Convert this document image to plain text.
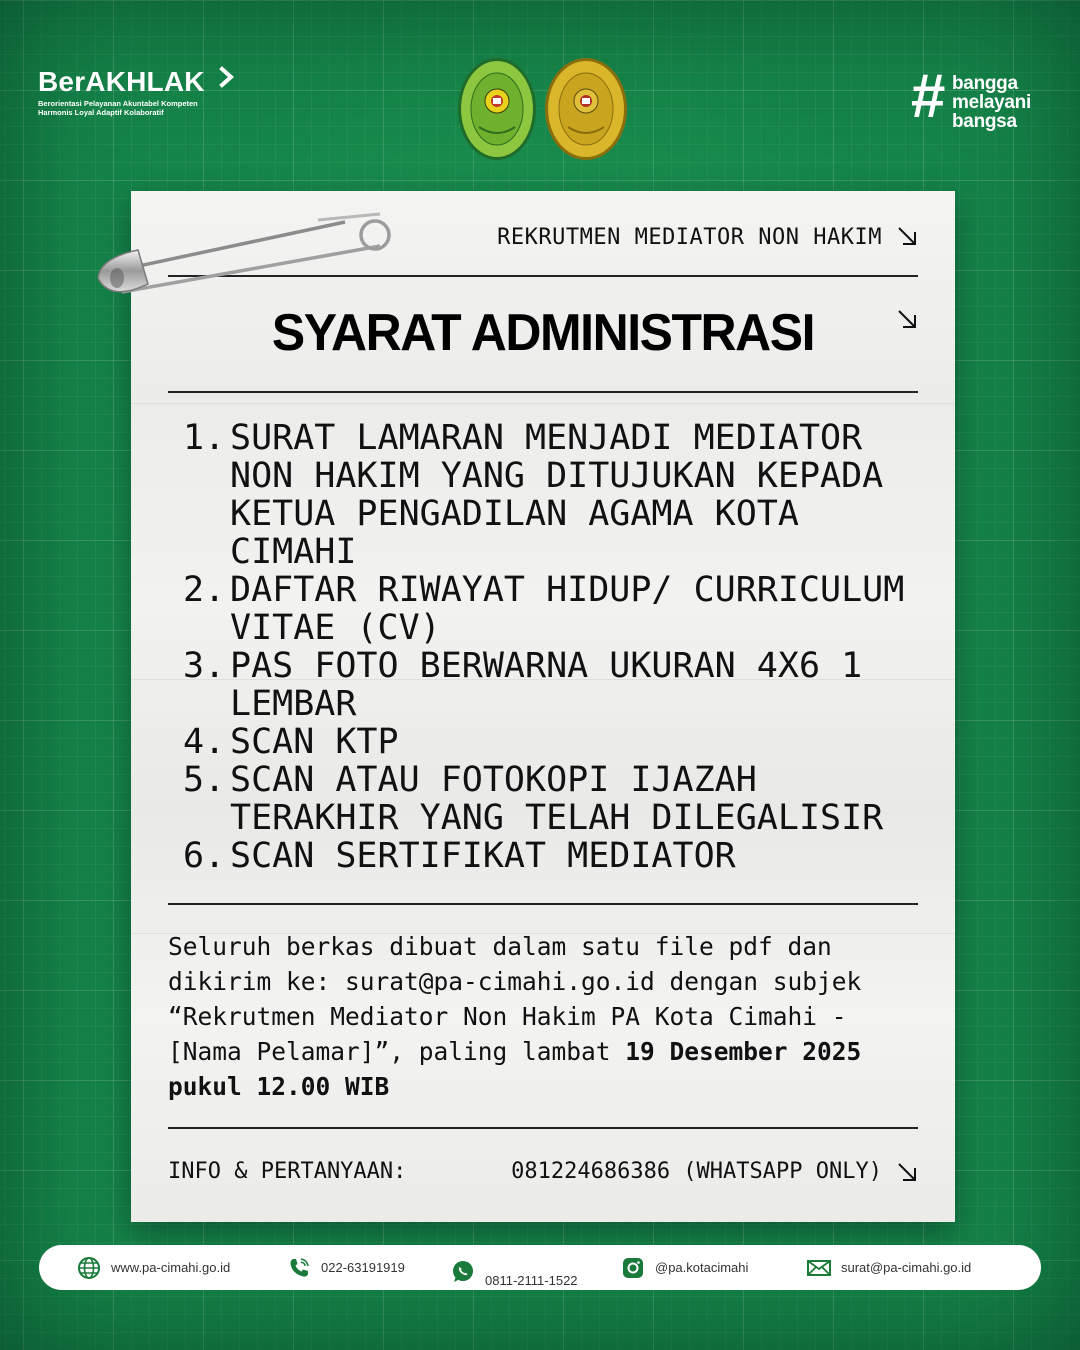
BerAKHLAK
Berorientasi Pelayanan Akuntabel Kompeten
Harmonis Loyal Adaptif Kolaboratif	# bangga
melayani
bangsa
REKRUTMEN MEDIATOR NON HAKIM
SYARAT ADMINISTRASI
1. SURAT LAMARAN MENJADI MEDIATOR NON HAKIM YANG DITUJUKAN KEPADA KETUA PENGADILAN AGAMA KOTA CIMAHI
2. DAFTAR RIWAYAT HIDUP/ CURRICULUM VITAE (CV)
3. PAS FOTO BERWARNA UKURAN 4X6 1 LEMBAR
4. SCAN KTP
5. SCAN ATAU FOTOKOPI IJAZAH TERAKHIR YANG TELAH DILEGALISIR
6. SCAN SERTIFIKAT MEDIATOR
Seluruh berkas dibuat dalam satu file pdf dan dikirim ke: surat@pa-cimahi.go.id dengan subjek “Rekrutmen Mediator Non Hakim PA Kota Cimahi - [Nama Pelamar]”, paling lambat 19 Desember 2025 pukul 12.00 WIB
INFO & PERTANYAAN:	081224686386 (WHATSAPP ONLY)
www.pa-cimahi.go.id	022-63191919
0811-2111-1522
@pa.kotacimahi	surat@pa-cimahi.go.id
